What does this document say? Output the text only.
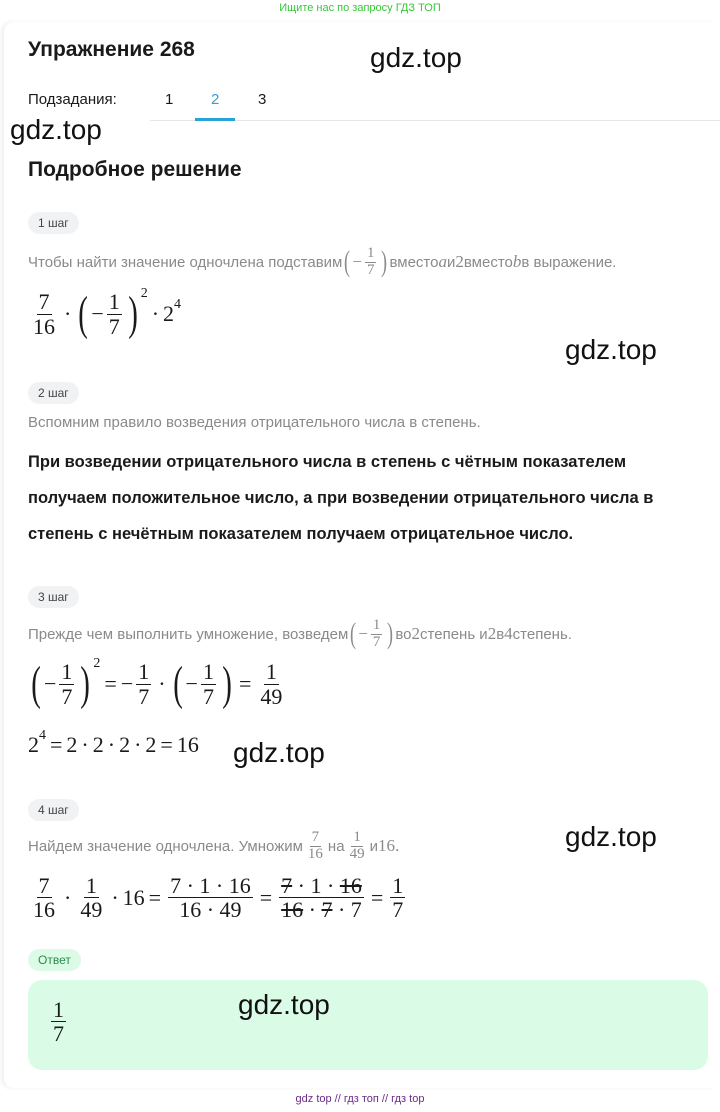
Ищите нас по запросу ГДЗ ТОП
Упражнение 268
Подзадания:	1	2	3
Подробное решение
1 шаг
Чтобы найти значение одночлена подставим ( − $\frac{1}{7}$ ) вместо a и 2 вместо b в выражение.
$\frac{7}{16}$ · ( − $\frac{1}{7}$ ) 2
· 2 4
2 шаг
Вспомним правило возведения отрицательного числа в степень.
При возведении отрицательного числа в степень с чётным показателем получаем положительное число, а при возведении отрицательного числа в степень с нечётным показателем получаем отрицательное число.
3 шаг
Прежде чем выполнить умножение, возведем ( − $\frac{1}{7}$ ) во 2 степень и 2 в 4 степень.
( − $\frac{1}{7}$ ) 2
= − $\frac{1}{7}$ · ( − $\frac{1}{7}$ ) = $\frac{1}{49}$
2 4 = 2 · 2 · 2 · 2 = 16
4 шаг
Найдем значение одночлена. Умножим $\frac{7}{16}$ на $\frac{1}{49}$ и 16.
$\frac{7}{16} \cdot \frac{1}{49} \cdot 16 = \frac{7 \cdot 1 \cdot 16}{16 \cdot 49} = \frac{7 \cdot 1 \cdot 16}{16 \cdot 7 \cdot 7} = \frac{1}{7}$
Ответ
$\frac{1}{7}$
gdz.top
gdz.top
gdz.top
gdz.top
gdz.top
gdz.top
gdz top // гдз топ // гдз top
